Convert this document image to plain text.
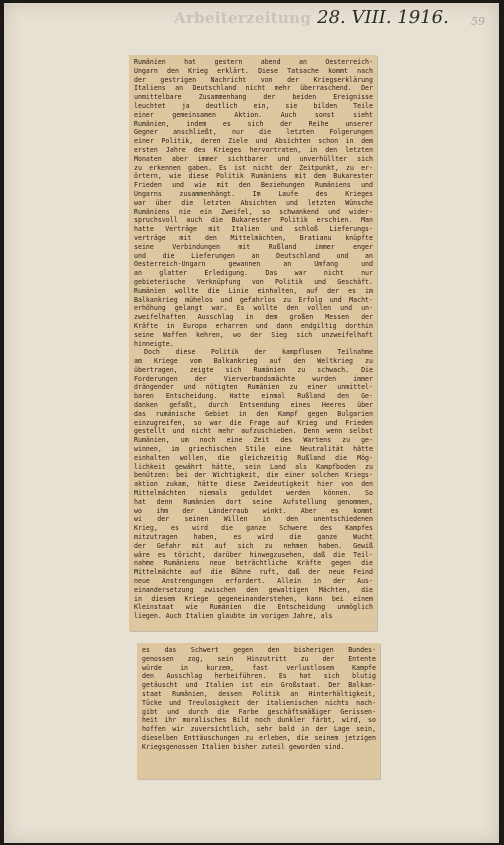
Arbeiterzeitung 28. VIII. 1916. 59
Rumänien hat gestern abend an Oesterreich-
Ungarn den Krieg erklärt. Diese Tatsache kommt nach
der gestrigen Nachricht von der Kriegserklärung
Italiens an Deutschland nicht mehr überraschend. Der
unmittelbare Zusammenhang der beiden Ereignisse
leuchtet ja deutlich ein, sie bilden Teile
einer gemeinsamen Aktion. Auch sonst sieht
Rumänien, indem es sich der Reihe unserer
Gegner anschließt, nur die letzten Folgerungen
einer Politik, deren Ziele und Absichten schon in dem
ersten Jahre des Krieges hervortraten, in den letzten
Monaten aber immer sichtbarer und unverhüllter sich
zu erkennen gaben. Es ist nicht der Zeitpunkt, zu er-
örtern, wie diese Politik Rumäniens mit dem Bukarester
Frieden und wie mit den Beziehungen Rumäniens und
Ungarns zusammenhängt. Im Laufe des Krieges
war über die letzten Absichten und letzten Wünsche
Rumäniens nie ein Zweifel, so schwankend und wider-
spruchsvoll auch die Bukarester Politik erschien. Man
hatte Verträge mit Italien und schloß Lieferungs-
verträge mit den Mittelmächten, Bratianu knüpfte
seine Verbindungen mit Rußland immer enger
und die Lieferungen an Deutschland und an
Oesterreich-Ungarn gewannen an Umfang und
an glatter Erledigung. Das war nicht nur
gebieterische Verknüpfung von Politik und Geschäft.
Rumänien wollte die Linie einhalten, auf der es im
Balkankrieg mühelos und gefahrlos zu Erfolg und Macht-
erhöhung gelangt war. Es wollte den vollen und un-
zweifelhaften Ausschlag in dem großen Messen der
Kräfte in Europa erharren und dann endgiltig dorthin
seine Waffen kehren, wo der Sieg sich unzweifelhaft
hinneigte.
Doch diese Politik der kampflosen Teilnahme
am Kriege vom Balkankrieg auf den Weltkrieg zu
übertragen, zeigte sich Rumänien zu schwach. Die
Forderungen der Vierverbandsmächte wurden immer
drängender und nötigten Rumänien zu einer unmittel-
baren Entscheidung. Hatte einmal Rußland den Ge-
danken gefaßt, durch Entsendung eines Heeres über
das rumänische Gebiet in den Kampf gegen Bulgarien
einzugreifen, so war die Frage auf Krieg und Frieden
gestellt und nicht mehr aufzuschieben. Denn wenn selbst
Rumänien, um noch eine Zeit des Wartens zu ge-
winnen, im griechischen Stile eine Neutralität hätte
einhalten wollen, die gleichzeitig Rußland die Mög-
lichkeit gewährt hätte, sein Land als Kampfboden zu
benützen: bei der Wichtigkeit, die einer solchen Kriegs-
aktion zukam, hätte diese Zweideutigkeit hier von den
Mittelmächten niemals geduldet werden können. So
hat denn Rumänien dort seine Aufstellung genommen,
wo ihm der Länderraub winkt. Aber es kommt
wi der seinen Willen in den unentschiedenen
Krieg, es wird die ganze Schwere des Kampfes
mitzutragen haben, es wird die ganze Wucht
der Gefahr mit auf sich zu nehmen haben. Gewiß
wäre es töricht, darüber hinwegzusehen, daß die Teil-
nahme Rumäniens neue beträchtliche Kräfte gegen die
Mittelmächte auf die Bühne ruft, daß der neue Feind
neue Anstrengungen erfordert. Allein in der Aus-
einandersetzung zwischen den gewaltigen Mächten, die
in diesem Kriege gegeneinanderstehen, kann bei einem
Kleinstaat wie Rumänien die Entscheidung unmöglich
liegen. Auch Italien glaubte im vorigen Jahre, als
es das Schwert gegen den bisherigen Bundes-
genossen zog, sein Hinzutritt zu der Entente
würde in kurzem, fast verlustlosem Kampfe
den Ausschlag herbeiführen. Es hat sich blutig
getäuscht und Italien ist ein Großstaat. Der Balkan-
staat Rumänien, dessen Politik an Hinterhältigkeit,
Tücke und Treulosigkeit der italienischen nichts nach-
gibt und durch die Farbe geschäftsmäßiger Gerissen-
heit ihr moralisches Bild noch dunkler färbt, wird, so
hoffen wir zuversichtlich, sehr bald in der Lage sein,
dieselben Enttäuschungen zu erleben, die seinem jetzigen
Kriegsgenossen Italien bisher zuteil geworden sind.
